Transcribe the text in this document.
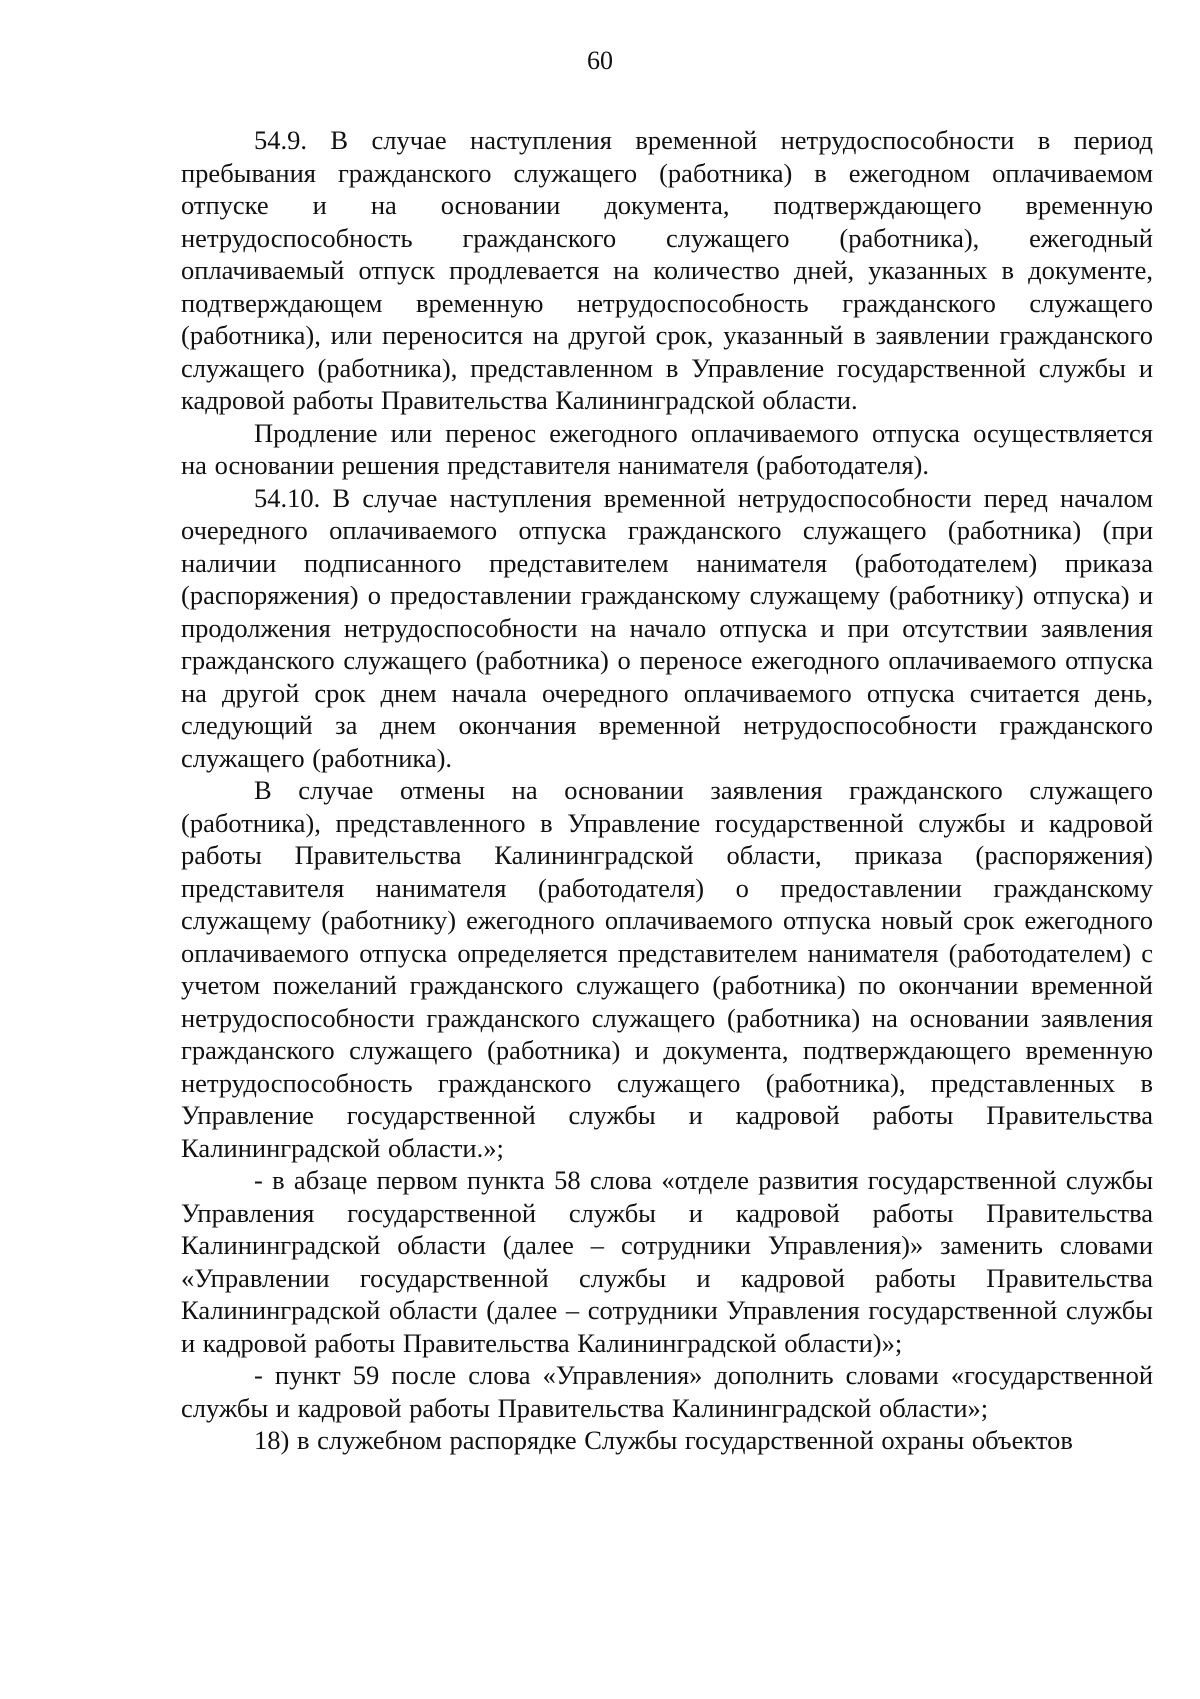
60

54.9. В случае наступления временной нетрудоспособности в период пребывания гражданского служащего (работника) в ежегодном оплачиваемом отпуске и на основании документа, подтверждающего временную нетрудоспособность гражданского служащего (работника), ежегодный оплачиваемый отпуск продлевается на количество дней, указанных в документе, подтверждающем временную нетрудоспособность гражданского служащего (работника), или переносится на другой срок, указанный в заявлении гражданского служащего (работника), представленном в Управление государственной службы и кадровой работы Правительства Калининградской области.

Продление или перенос ежегодного оплачиваемого отпуска осуществляется на основании решения представителя нанимателя (работодателя).

54.10. В случае наступления временной нетрудоспособности перед началом очередного оплачиваемого отпуска гражданского служащего (работника) (при наличии подписанного представителем нанимателя (работодателем) приказа (распоряжения) о предоставлении гражданскому служащему (работнику) отпуска) и продолжения нетрудоспособности на начало отпуска и при отсутствии заявления гражданского служащего (работника) о переносе ежегодного оплачиваемого отпуска на другой срок днем начала очередного оплачиваемого отпуска считается день, следующий за днем окончания временной нетрудоспособности гражданского служащего (работника).

В случае отмены на основании заявления гражданского служащего (работника), представленного в Управление государственной службы и кадровой работы Правительства Калининградской области, приказа (распоряжения) представителя нанимателя (работодателя) о предоставлении гражданскому служащему (работнику) ежегодного оплачиваемого отпуска новый срок ежегодного оплачиваемого отпуска определяется представителем нанимателя (работодателем) с учетом пожеланий гражданского служащего (работника) по окончании временной нетрудоспособности гражданского служащего (работника) на основании заявления гражданского служащего (работника) и документа, подтверждающего временную нетрудоспособность гражданского служащего (работника), представленных в Управление государственной службы и кадровой работы Правительства Калининградской области.»;

- в абзаце первом пункта 58 слова «отделе развития государственной службы Управления государственной службы и кадровой работы Правительства Калининградской области (далее – сотрудники Управления)» заменить словами «Управлении государственной службы и кадровой работы Правительства Калининградской области (далее – сотрудники Управления государственной службы и кадровой работы Правительства Калининградской области)»;

- пункт 59 после слова «Управления» дополнить словами «государственной службы и кадровой работы Правительства Калининградской области»;

18) в служебном распорядке Службы государственной охраны объектов
